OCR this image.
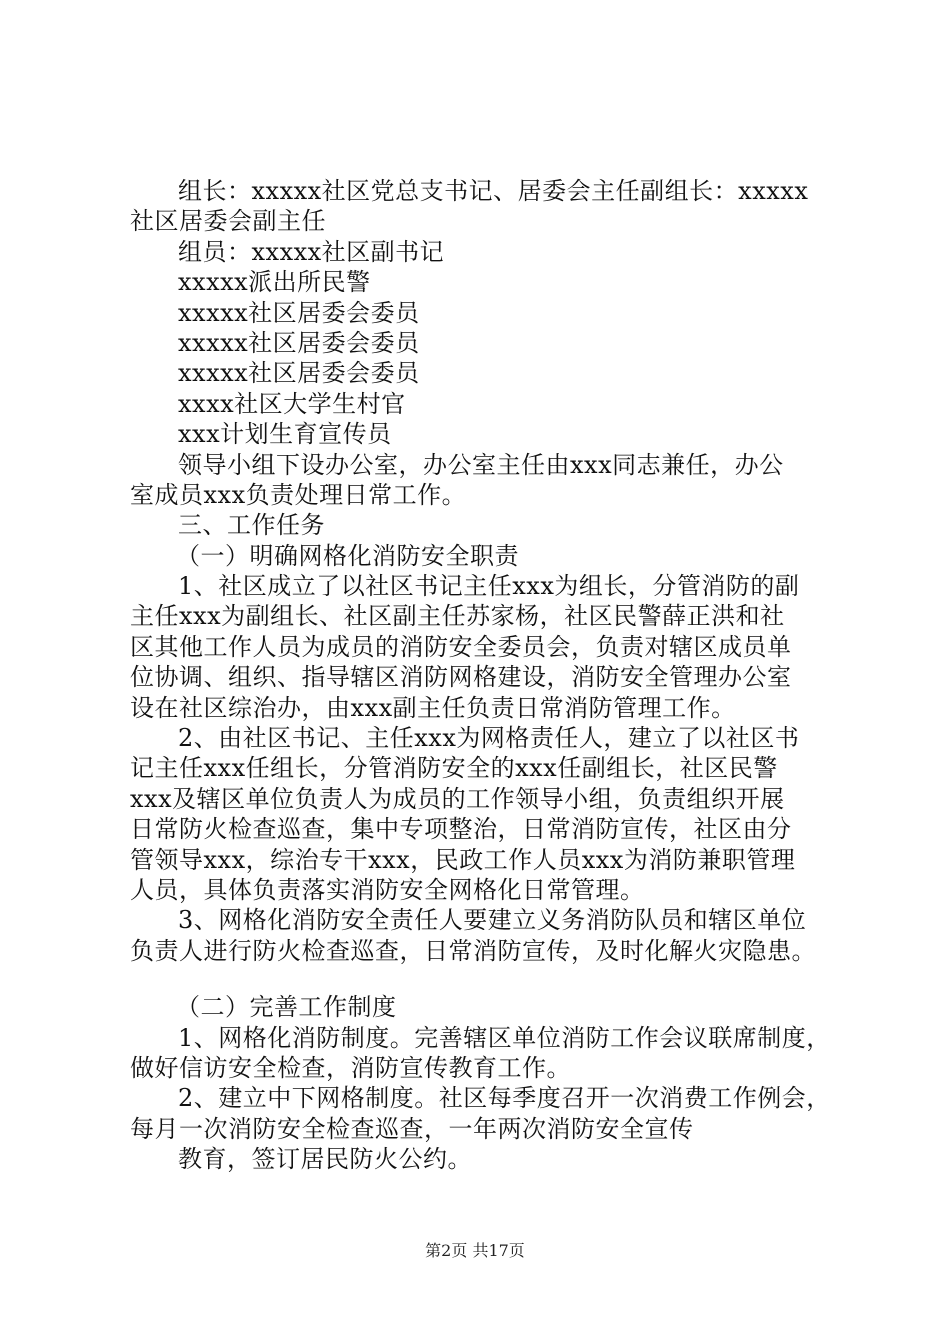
组长：xxxxx社区党总支书记、居委会主任副组长：xxxxx
社区居委会副主任
组员：xxxxx社区副书记
xxxxx派出所民警
xxxxx社区居委会委员
xxxxx社区居委会委员
xxxxx社区居委会委员
xxxx社区大学生村官
xxx计划生育宣传员
领导小组下设办公室，办公室主任由xxx同志兼任，办公
室成员xxx负责处理日常工作。
三、工作任务
（一）明确网格化消防安全职责
1、社区成立了以社区书记主任xxx为组长，分管消防的副
主任xxx为副组长、社区副主任苏家杨，社区民警薛正洪和社
区其他工作人员为成员的消防安全委员会，负责对辖区成员单
位协调、组织、指导辖区消防网格建设，消防安全管理办公室
设在社区综治办，由xxx副主任负责日常消防管理工作。
2、由社区书记、主任xxx为网格责任人，建立了以社区书
记主任xxx任组长，分管消防安全的xxx任副组长，社区民警
xxx及辖区单位负责人为成员的工作领导小组，负责组织开展
日常防火检查巡查，集中专项整治，日常消防宣传，社区由分
管领导xxx，综治专干xxx，民政工作人员xxx为消防兼职管理
人员，具体负责落实消防安全网格化日常管理。
3、网格化消防安全责任人要建立义务消防队员和辖区单位
负责人进行防火检查巡查，日常消防宣传，及时化解火灾隐患。
（二）完善工作制度
1、网格化消防制度。完善辖区单位消防工作会议联席制度，
做好信访安全检查，消防宣传教育工作。
2、建立中下网格制度。社区每季度召开一次消费工作例会，
每月一次消防安全检查巡查，一年两次消防安全宣传
教育，签订居民防火公约。
第2页 共17页
